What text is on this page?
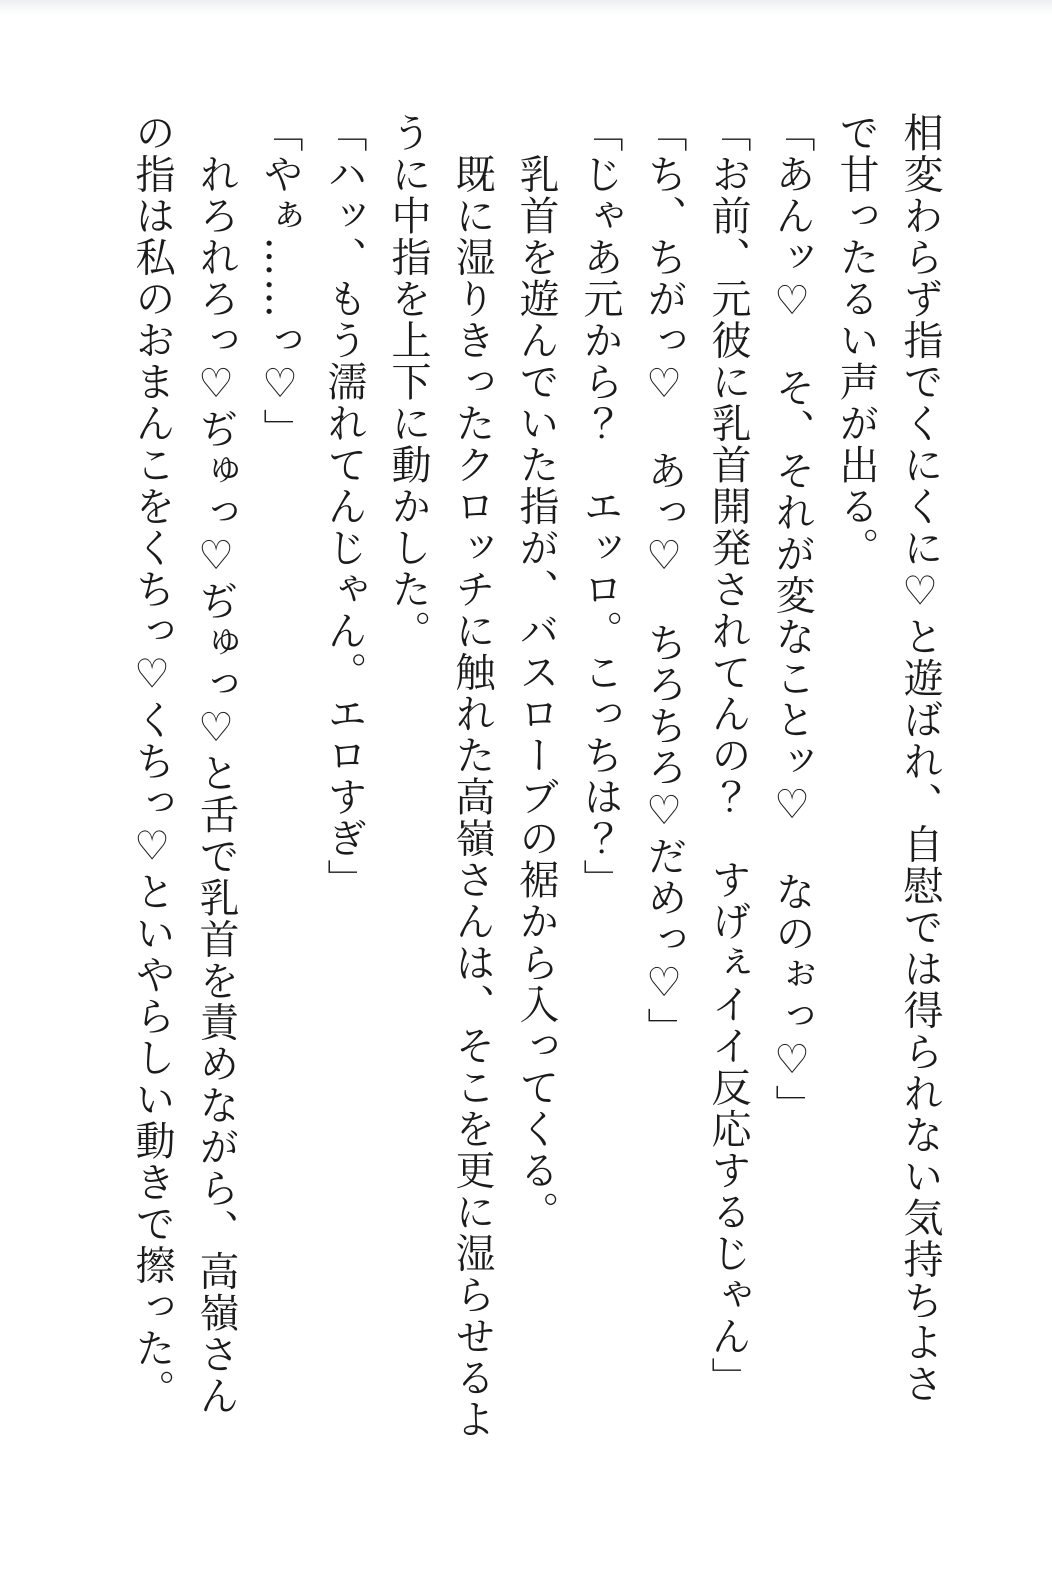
相変わらず指でくにくに♡と遊ばれ、自慰では得られない気持ちよさで甘ったるい声が出る。

「あんッ♡　そ、それが変なことッ♡　なのぉっ♡」

「お前、元彼に乳首開発されてんの？　すげぇイイ反応するじゃん」

「ち、ちがっ♡　あっ♡　ちろちろ♡だめっ♡」

「じゃあ元から？　エッロ。こっちは？」

　乳首を遊んでいた指が、バスローブの裾から入ってくる。

　既に湿りきったクロッチに触れた高嶺さんは、そこを更に湿らせるように中指を上下に動かした。

「ハッ、もう濡れてんじゃん。エロすぎ」

「やぁ……っ♡」

　れろれろっ♡ぢゅっ♡ぢゅっ♡と舌で乳首を責めながら、高嶺さんの指は私のおまんこをくちっ♡くちっ♡といやらしい動きで擦った。
